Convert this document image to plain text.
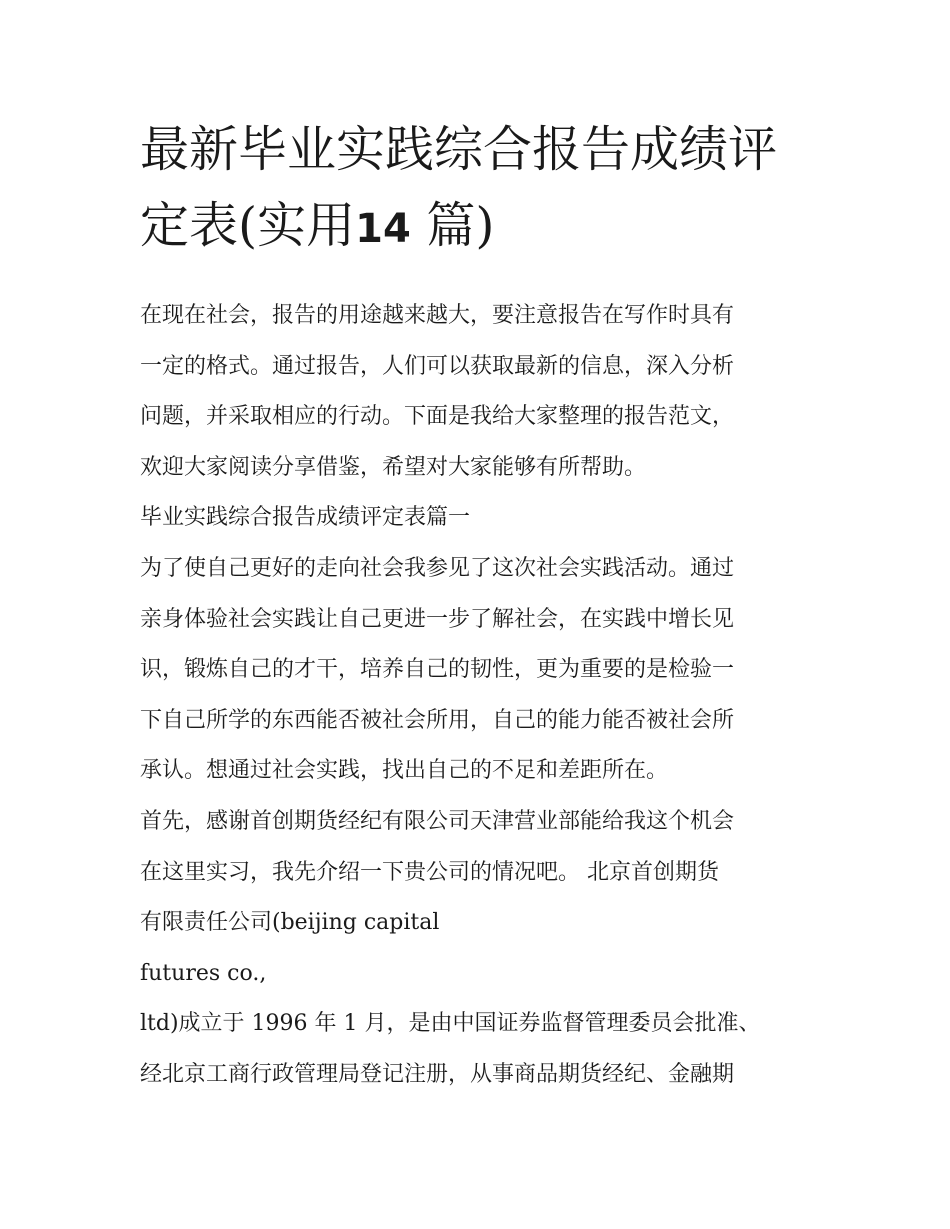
最新毕业实践综合报告成绩评
定表(实用14 篇)
在现在社会，报告的用途越来越大，要注意报告在写作时具有
一定的格式。通过报告，人们可以获取最新的信息，深入分析
问题，并采取相应的行动。下面是我给大家整理的报告范文，
欢迎大家阅读分享借鉴，希望对大家能够有所帮助。
毕业实践综合报告成绩评定表篇一
为了使自己更好的走向社会我参见了这次社会实践活动。通过
亲身体验社会实践让自己更进一步了解社会，在实践中增长见
识，锻炼自己的才干，培养自己的韧性，更为重要的是检验一
下自己所学的东西能否被社会所用，自己的能力能否被社会所
承认。想通过社会实践，找出自己的不足和差距所在。
首先，感谢首创期货经纪有限公司天津营业部能给我这个机会
在这里实习，我先介绍一下贵公司的情况吧。 北京首创期货
有限责任公司(beijing capital
futures co.,
ltd)成立于 1996 年 1 月，是由中国证券监督管理委员会批准、
经北京工商行政管理局登记注册，从事商品期货经纪、金融期
